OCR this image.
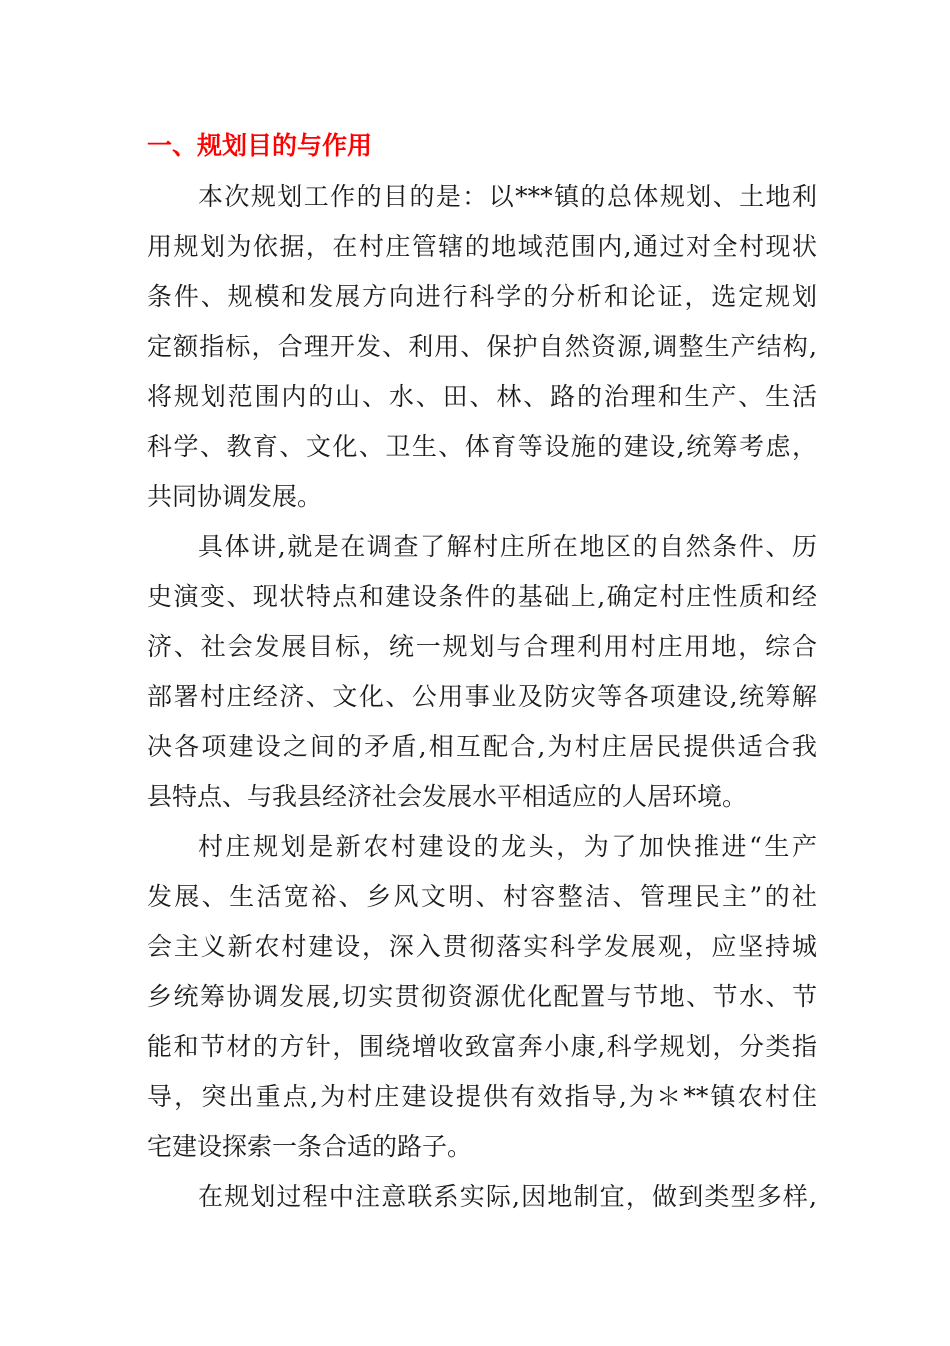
一、规划目的与作用
本次规划工作的目的是：以***镇的总体规划、土地利
用规划为依据，在村庄管辖的地域范围内,通过对全村现状
条件、规模和发展方向进行科学的分析和论证，选定规划
定额指标，合理开发、利用、保护自然资源,调整生产结构,
将规划范围内的山、水、田、林、路的治理和生产、生活
科学、教育、文化、卫生、体育等设施的建设,统筹考虑，
共同协调发展。
具体讲,就是在调查了解村庄所在地区的自然条件、历
史演变、现状特点和建设条件的基础上,确定村庄性质和经
济、社会发展目标，统一规划与合理利用村庄用地，综合
部署村庄经济、文化、公用事业及防灾等各项建设,统筹解
决各项建设之间的矛盾,相互配合,为村庄居民提供适合我
县特点、与我县经济社会发展水平相适应的人居环境。
村庄规划是新农村建设的龙头，为了加快推进“生产
发展、生活宽裕、乡风文明、村容整洁、管理民主”的社
会主义新农村建设，深入贯彻落实科学发展观，应坚持城
乡统筹协调发展,切实贯彻资源优化配置与节地、节水、节
能和节材的方针，围绕增收致富奔小康,科学规划，分类指
导，突出重点,为村庄建设提供有效指导,为＊**镇农村住
宅建设探索一条合适的路子。
在规划过程中注意联系实际,因地制宜，做到类型多样,
